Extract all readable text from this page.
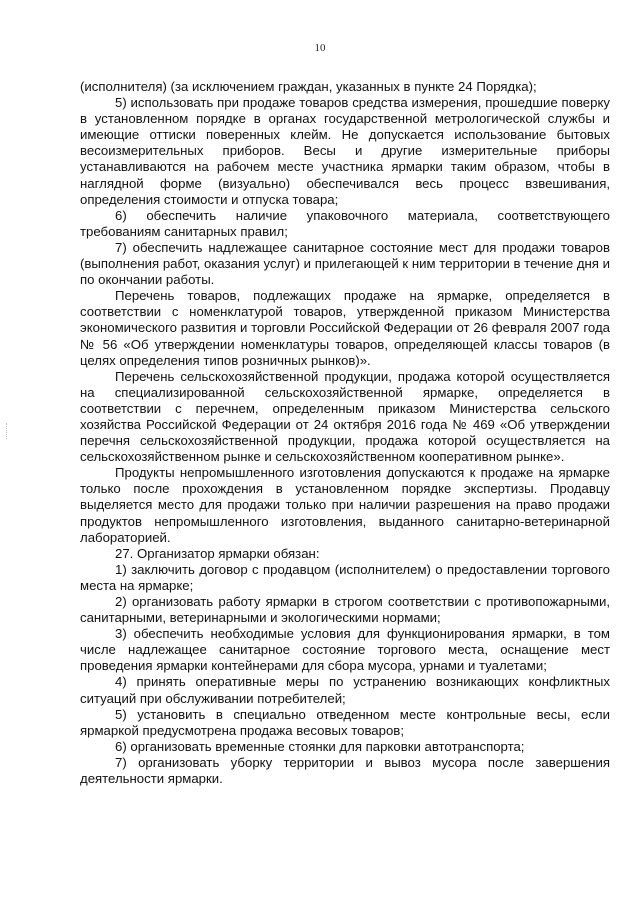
10

(исполнителя) (за исключением граждан, указанных в пункте 24 Порядка);

5) использовать при продаже товаров средства измерения, прошедшие поверку в установленном порядке в органах государственной метрологической службы и имеющие оттиски поверенных клейм. Не допускается использование бытовых весоизмерительных приборов. Весы и другие измерительные приборы устанавливаются на рабочем месте участника ярмарки таким образом, чтобы в наглядной форме (визуально) обеспечивался весь процесс взвешивания, определения стоимости и отпуска товара;

6) обеспечить наличие упаковочного материала, соответствующего требованиям санитарных правил;

7) обеспечить надлежащее санитарное состояние мест для продажи товаров (выполнения работ, оказания услуг) и прилегающей к ним территории в течение дня и по окончании работы.

Перечень товаров, подлежащих продаже на ярмарке, определяется в соответствии с номенклатурой товаров, утвержденной приказом Министерства экономического развития и торговли Российской Федерации от 26 февраля 2007 года № 56 «Об утверждении номенклатуры товаров, определяющей классы товаров (в целях определения типов розничных рынков)».

Перечень сельскохозяйственной продукции, продажа которой осуществляется на специализированной сельскохозяйственной ярмарке, определяется в соответствии с перечнем, определенным приказом Министерства сельского хозяйства Российской Федерации от 24 октября 2016 года № 469 «Об утверждении перечня сельскохозяйственной продукции, продажа которой осуществляется на сельскохозяйственном рынке и сельскохозяйственном кооперативном рынке».

Продукты непромышленного изготовления допускаются к продаже на ярмарке только после прохождения в установленном порядке экспертизы. Продавцу выделяется место для продажи только при наличии разрешения на право продажи продуктов непромышленного изготовления, выданного санитарно-ветеринарной лабораторией.

27. Организатор ярмарки обязан:

1) заключить договор с продавцом (исполнителем) о предоставлении торгового места на ярмарке;

2) организовать работу ярмарки в строгом соответствии с противопожарными, санитарными, ветеринарными и экологическими нормами;

3) обеспечить необходимые условия для функционирования ярмарки, в том числе надлежащее санитарное состояние торгового места, оснащение мест проведения ярмарки контейнерами для сбора мусора, урнами и туалетами;

4) принять оперативные меры по устранению возникающих конфликтных ситуаций при обслуживании потребителей;

5) установить в специально отведенном месте контрольные весы, если ярмаркой предусмотрена продажа весовых товаров;

6) организовать временные стоянки для парковки автотранспорта;

7) организовать уборку территории и вывоз мусора после завершения деятельности ярмарки.
